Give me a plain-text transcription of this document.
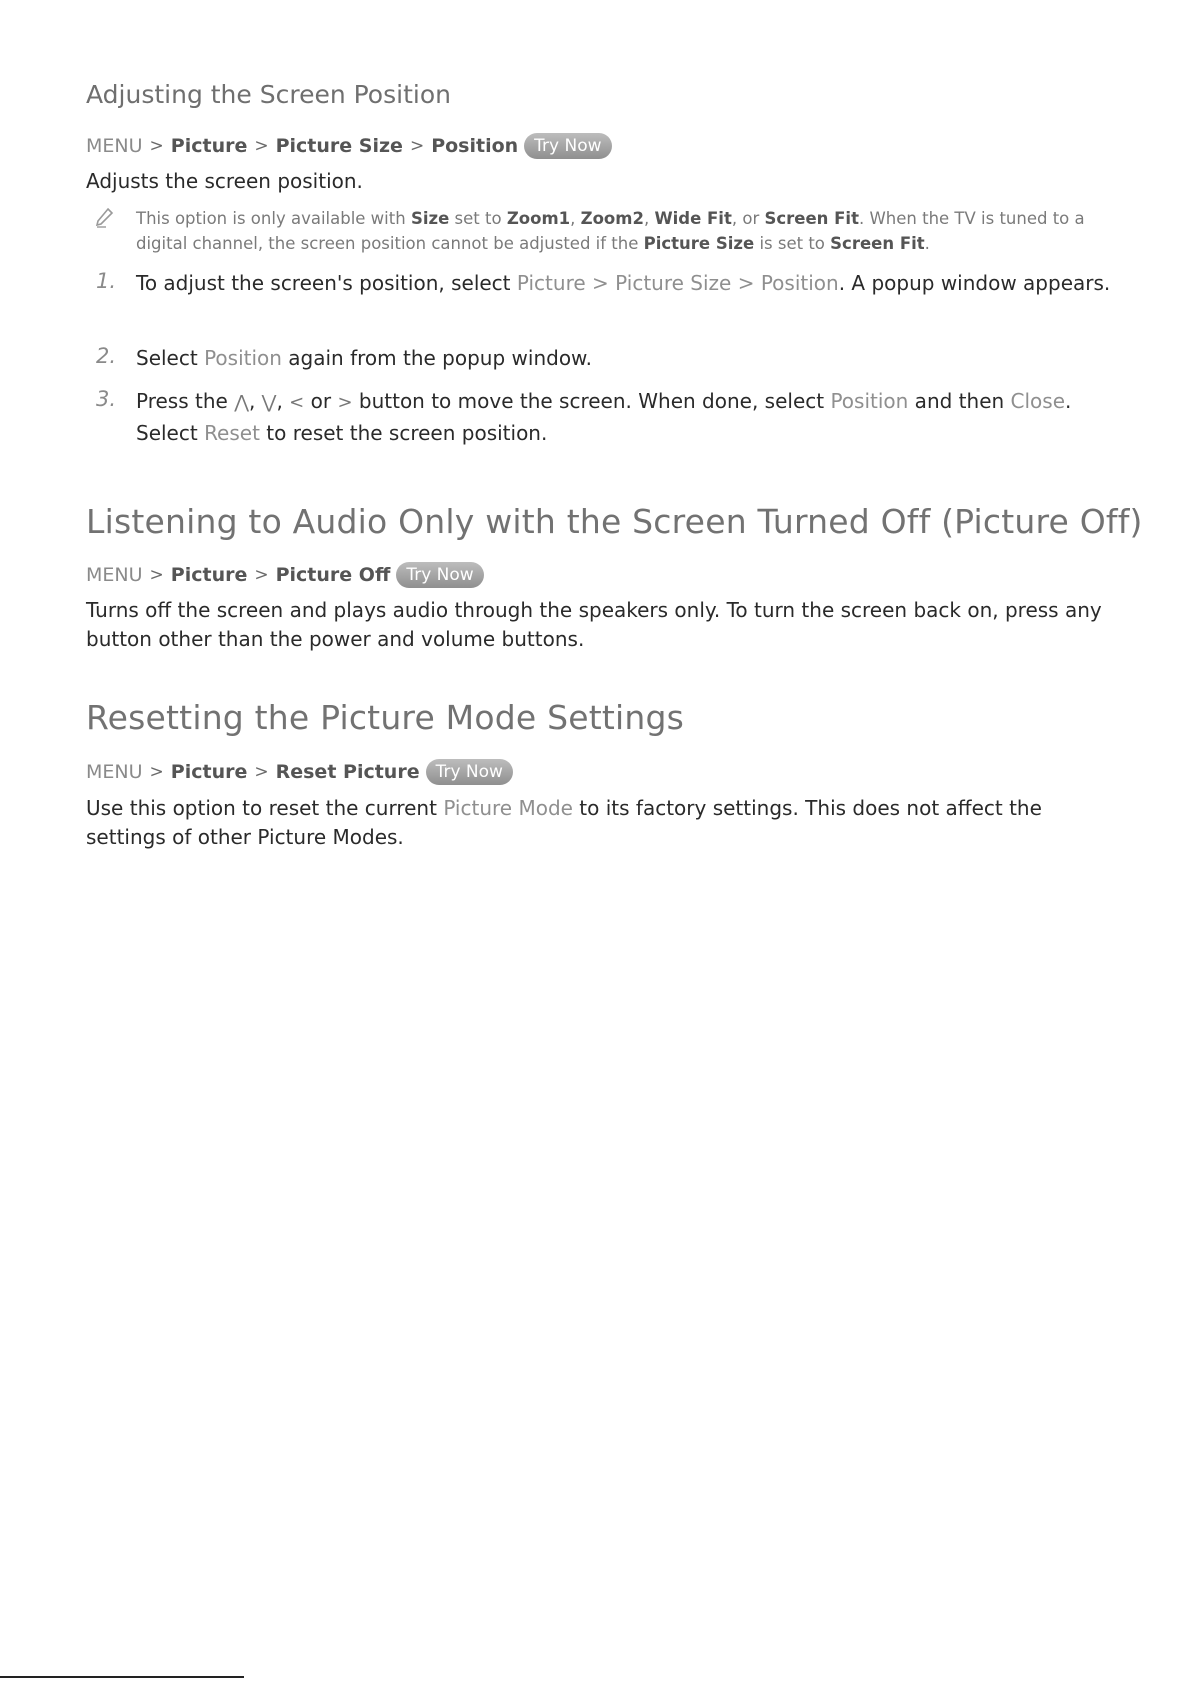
Adjusting the Screen Position
MENU > Picture > Picture Size > Position Try Now

Adjusts the screen position.

This option is only available with Size set to Zoom1, Zoom2, Wide Fit, or Screen Fit. When the TV is tuned to a digital channel, the screen position cannot be adjusted if the Picture Size is set to Screen Fit.

1. To adjust the screen's position, select Picture > Picture Size > Position. A popup window appears.

2. Select Position again from the popup window.

3. Press the ⋀, ⋁, < or > button to move the screen. When done, select Position and then Close. Select Reset to reset the screen position.

Listening to Audio Only with the Screen Turned Off (Picture Off)
MENU > Picture > Picture Off Try Now

Turns off the screen and plays audio through the speakers only. To turn the screen back on, press any button other than the power and volume buttons.

Resetting the Picture Mode Settings
MENU > Picture > Reset Picture Try Now

Use this option to reset the current Picture Mode to its factory settings. This does not affect the settings of other Picture Modes.
